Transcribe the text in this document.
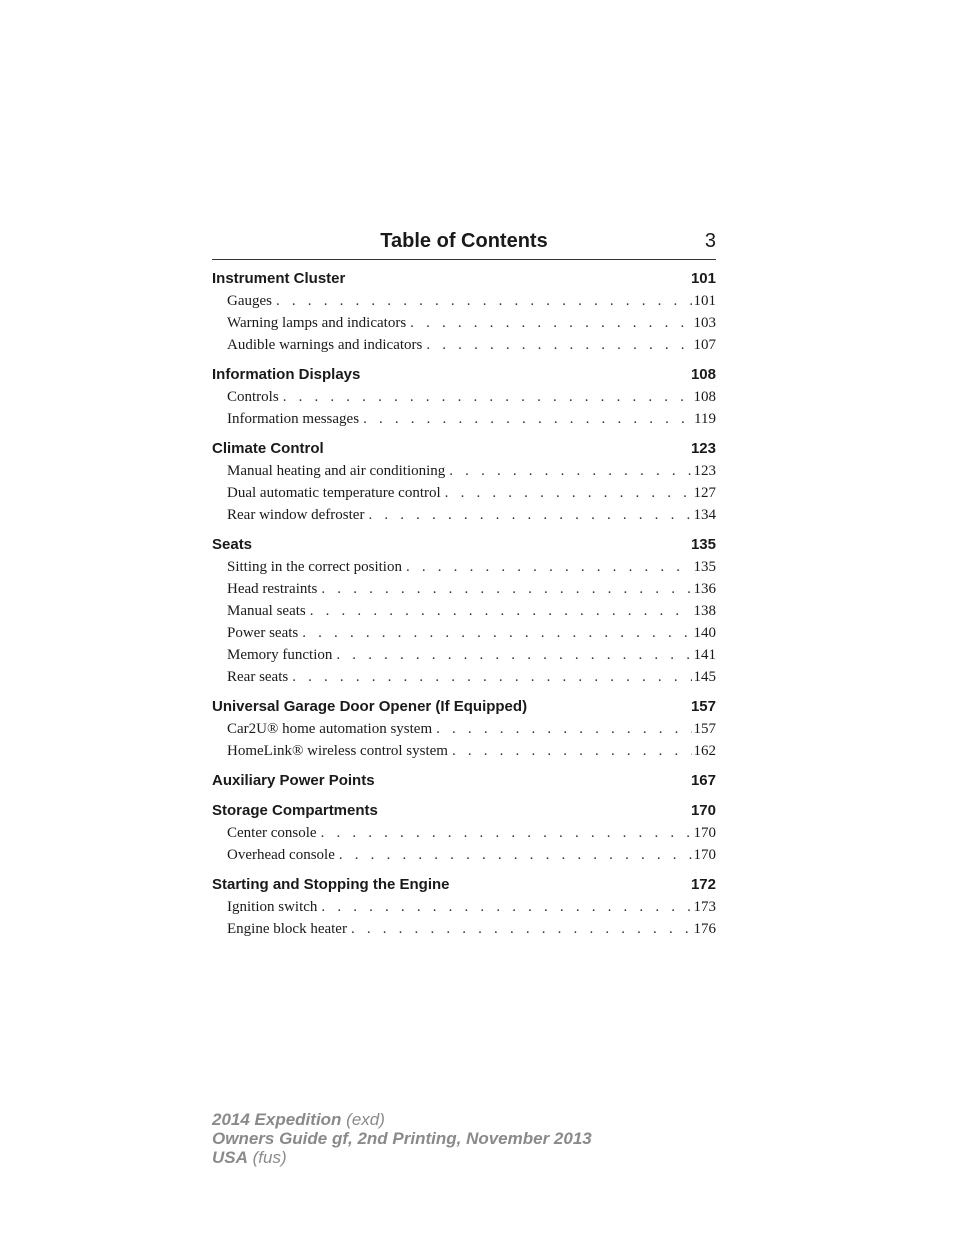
Table of Contents	3
Instrument Cluster	101
Gauges . . .	101
Warning lamps and indicators . . .	103
Audible warnings and indicators . . .	107
Information Displays	108
Controls . . .	108
Information messages . . .	119
Climate Control	123
Manual heating and air conditioning . . .	123
Dual automatic temperature control . . .	127
Rear window defroster . . .	134
Seats	135
Sitting in the correct position . . .	135
Head restraints . . .	136
Manual seats . . .	138
Power seats . . .	140
Memory function . . .	141
Rear seats . . .	145
Universal Garage Door Opener (If Equipped)	157
Car2U® home automation system . . .	157
HomeLink® wireless control system . . .	162
Auxiliary Power Points	167
Storage Compartments	170
Center console . . .	170
Overhead console . . .	170
Starting and Stopping the Engine	172
Ignition switch . . .	173
Engine block heater . . .	176
2014 Expedition (exd)
Owners Guide gf, 2nd Printing, November 2013
USA (fus)
